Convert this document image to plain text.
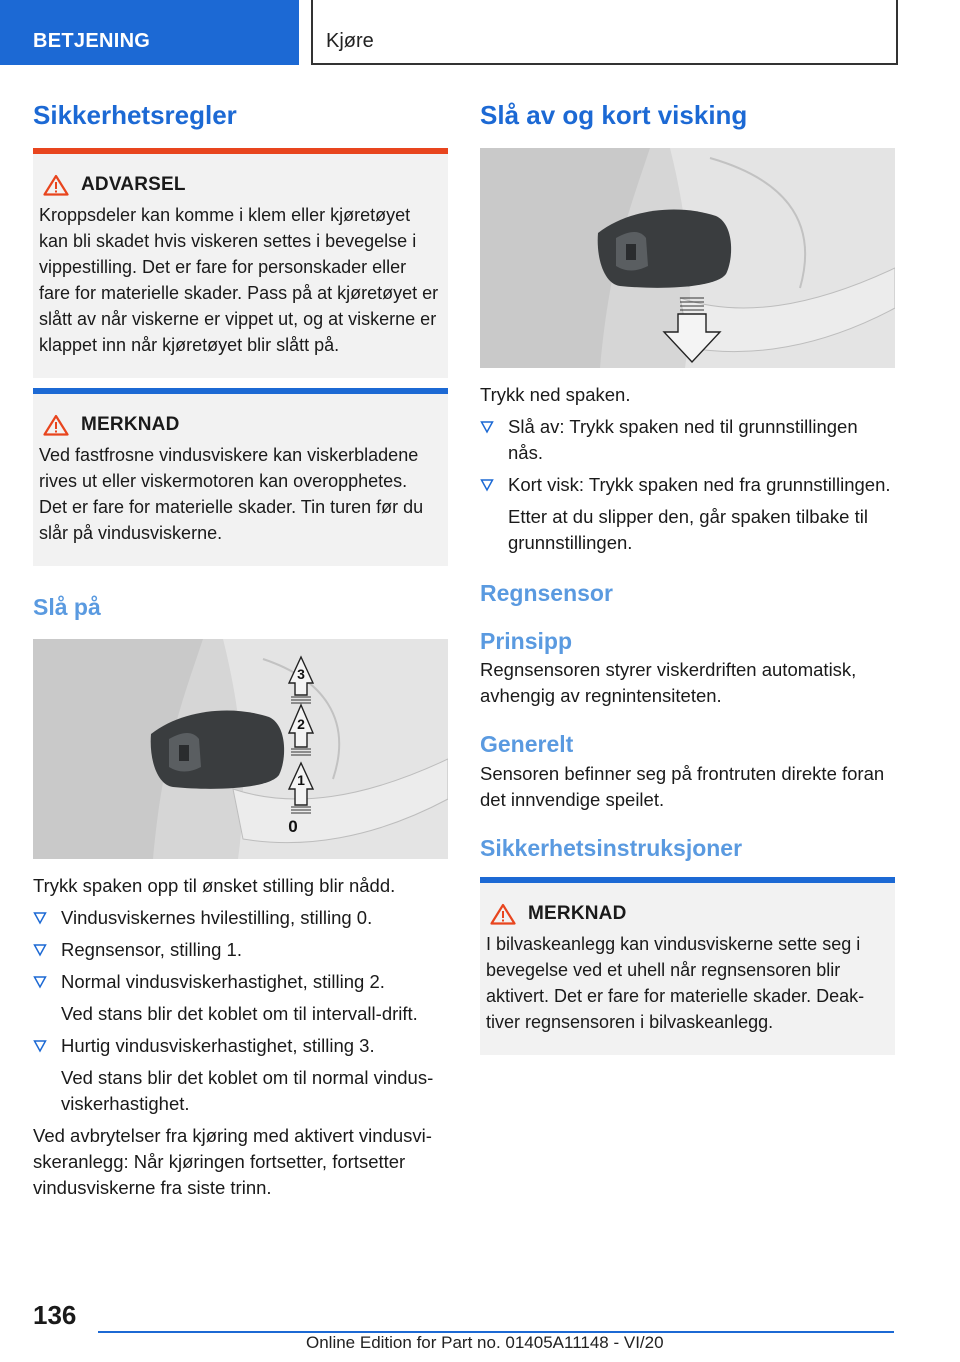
BETJENING	Kjøre
Sikkerhetsregler
ADVARSEL

Kroppsdeler kan komme i klem eller kjøretøyet kan bli skadet hvis viskeren settes i bevegelse i vippestilling. Det er fare for personskader eller fare for materielle skader. Pass på at kjøretøyet er slått av når viskerne er vippet ut, og at viskerne er klappet inn når kjøretøyet blir slått på.

MERKNAD

Ved fastfrosne vindusviskere kan viskerbladene rives ut eller viskermotoren kan overopphetes. Det er fare for materielle skader. Tin turen før du slår på vindusviskerne.

Slå på
3
2
1
0

Trykk spaken opp til ønsket stilling blir nådd.

Vindusviskernes hvilestilling, stilling 0.
Regnsensor, stilling 1.
Normal vindusviskerhastighet, stilling 2.
Ved stans blir det koblet om til intervall-drift.
Hurtig vindusviskerhastighet, stilling 3.
Ved stans blir det koblet om til normal vindusviskerhastighet.

Ved avbrytelser fra kjøring med aktivert vindusviskeranlegg: Når kjøringen fortsetter, fortsetter vindusviskerne fra siste trinn.

Slå av og kort visking

Trykk ned spaken.

Slå av: Trykk spaken ned til grunnstillingen nås.
Kort visk: Trykk spaken ned fra grunnstillingen.
Etter at du slipper den, går spaken tilbake til grunnstillingen.
Regnsensor
Prinsipp

Regnsensoren styrer viskerdriften automatisk, avhengig av regnintensiteten.

Generelt

Sensoren befinner seg på frontruten direkte foran det innvendige speilet.

Sikkerhetsinstruksjoner
MERKNAD

I bilvaskeanlegg kan vindusviskerne sette seg i bevegelse ved et uhell når regnsensoren blir aktivert. Det er fare for materielle skader. Deaktiver regnsensoren i bilvaskeanlegg.

136
Online Edition for Part no. 01405A11148 - VI/20
